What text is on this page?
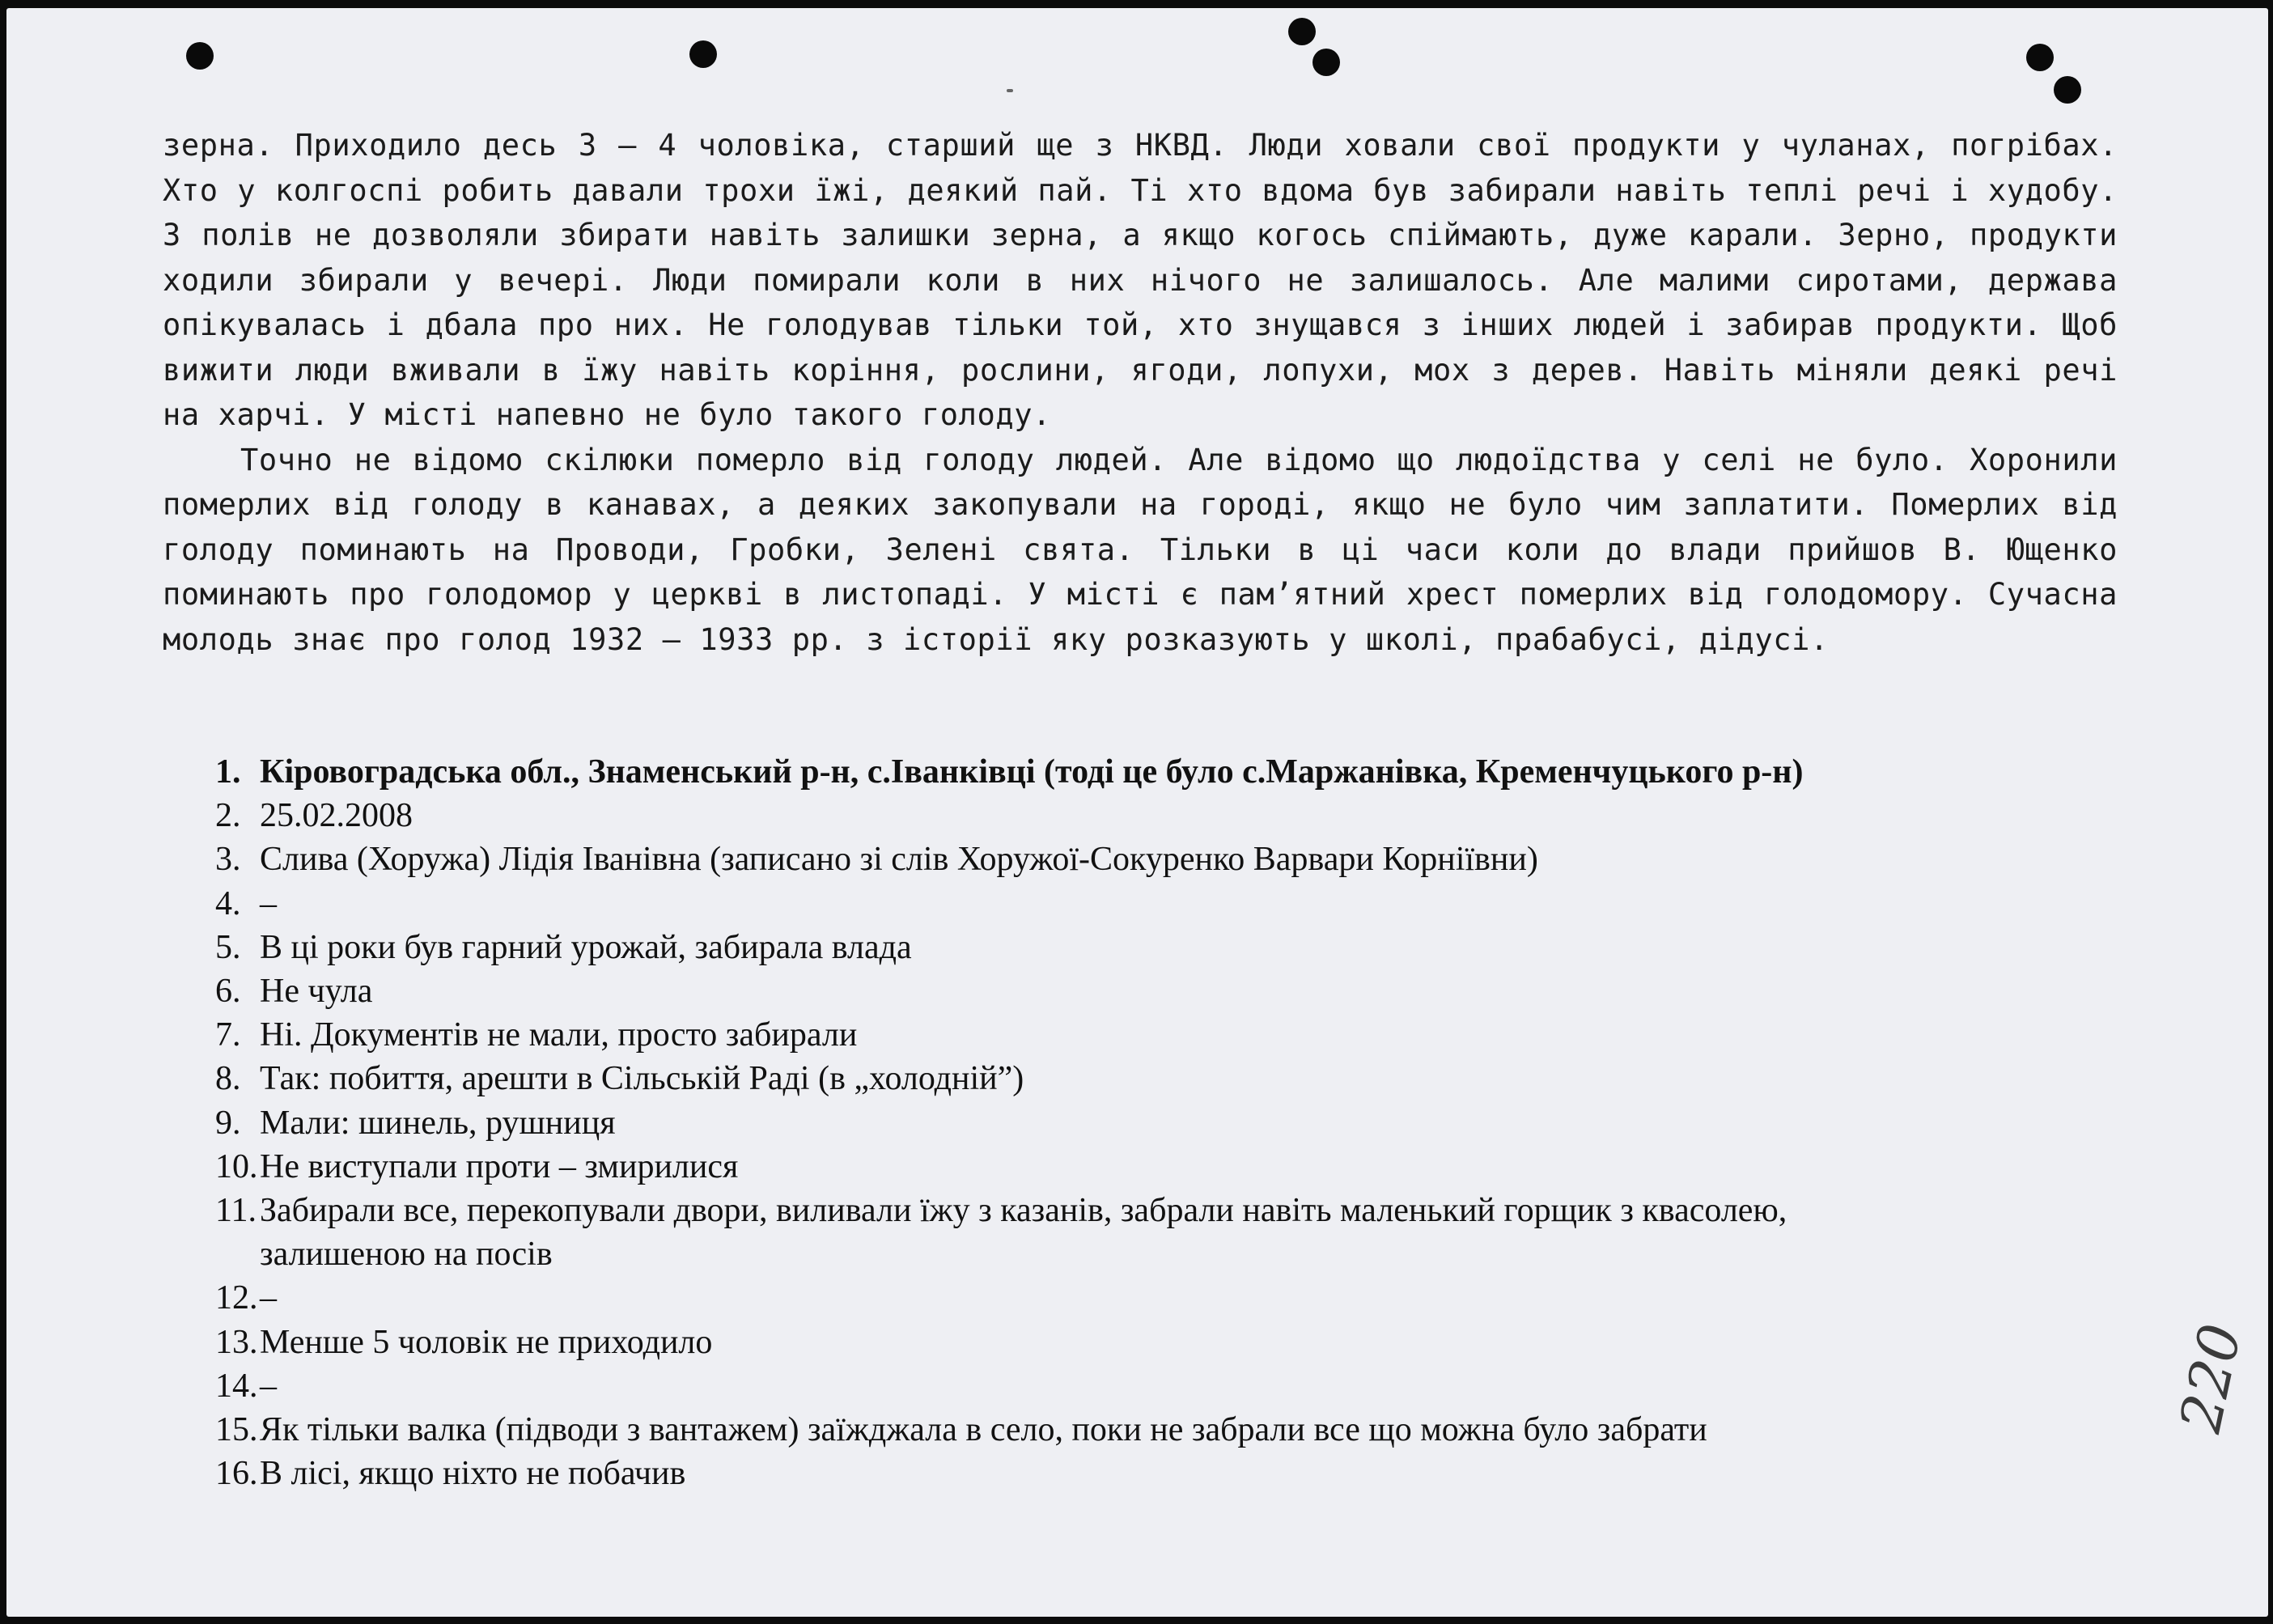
зерна. Приходило десь 3 – 4 чоловіка, старший ще з НКВД. Люди ховали свої продукти у чуланах, погрібах. Хто у колгоспі робить давали трохи їжі, деякий пай. Ті хто вдома був забирали навіть теплі речі і худобу. З полів не дозволяли збирати навіть залишки зерна, а якщо когось спіймають, дуже карали. Зерно, продукти ходили збирали у вечері. Люди помирали коли в них нічого не залишалось. Але малими сиротами, держава опікувалась і дбала про них. Не голодував тільки той, хто знущався з інших людей і забирав продукти. Щоб вижити люди вживали в їжу навіть коріння, рослини, ягоди, лопухи, мох з дерев. Навіть міняли деякі речі на харчі. У місті напевно не було такого голоду.

Точно не відомо скілюки померло від голоду людей. Але відомо що людоїдства у селі не було. Хоронили померлих від голоду в канавах, а деяких закопували на городі, якщо не було чим заплатити. Померлих від голоду поминають на Проводи, Гробки, Зелені свята. Тільки в ці часи коли до влади прийшов В. Ющенко поминають про голодомор у церкві в листопаді. У місті є пам’ятний хрест померлих від голодомору. Сучасна молодь знає про голод 1932 – 1933 рр. з історії яку розказують у школі, прабабусі, дідусі.

1. Кіровоградська обл., Знаменський р-н, с.Іванківці (тоді це було с.Маржанівка, Кременчуцького р-н)
2. 25.02.2008
3. Слива (Хоружа) Лідія Іванівна (записано зі слів Хоружої-Сокуренко Варвари Корніївни)
4. –
5. В ці роки був гарний урожай, забирала влада
6. Не чула
7. Ні. Документів не мали, просто забирали
8. Так: побиття, арешти в Сільській Раді (в „холодній”)
9. Мали: шинель, рушниця
10. Не виступали проти – змирилися
11. Забирали все, перекопували двори, виливали їжу з казанів, забрали навіть маленький горщик з квасолею,
залишеною на посів
12. –
13. Менше 5 чоловік не приходило
14. –
15. Як тільки валка (підводи з вантажем) заїжджала в село, поки не забрали все що можна було забрати
16. В лісі, якщо ніхто не побачив
220
